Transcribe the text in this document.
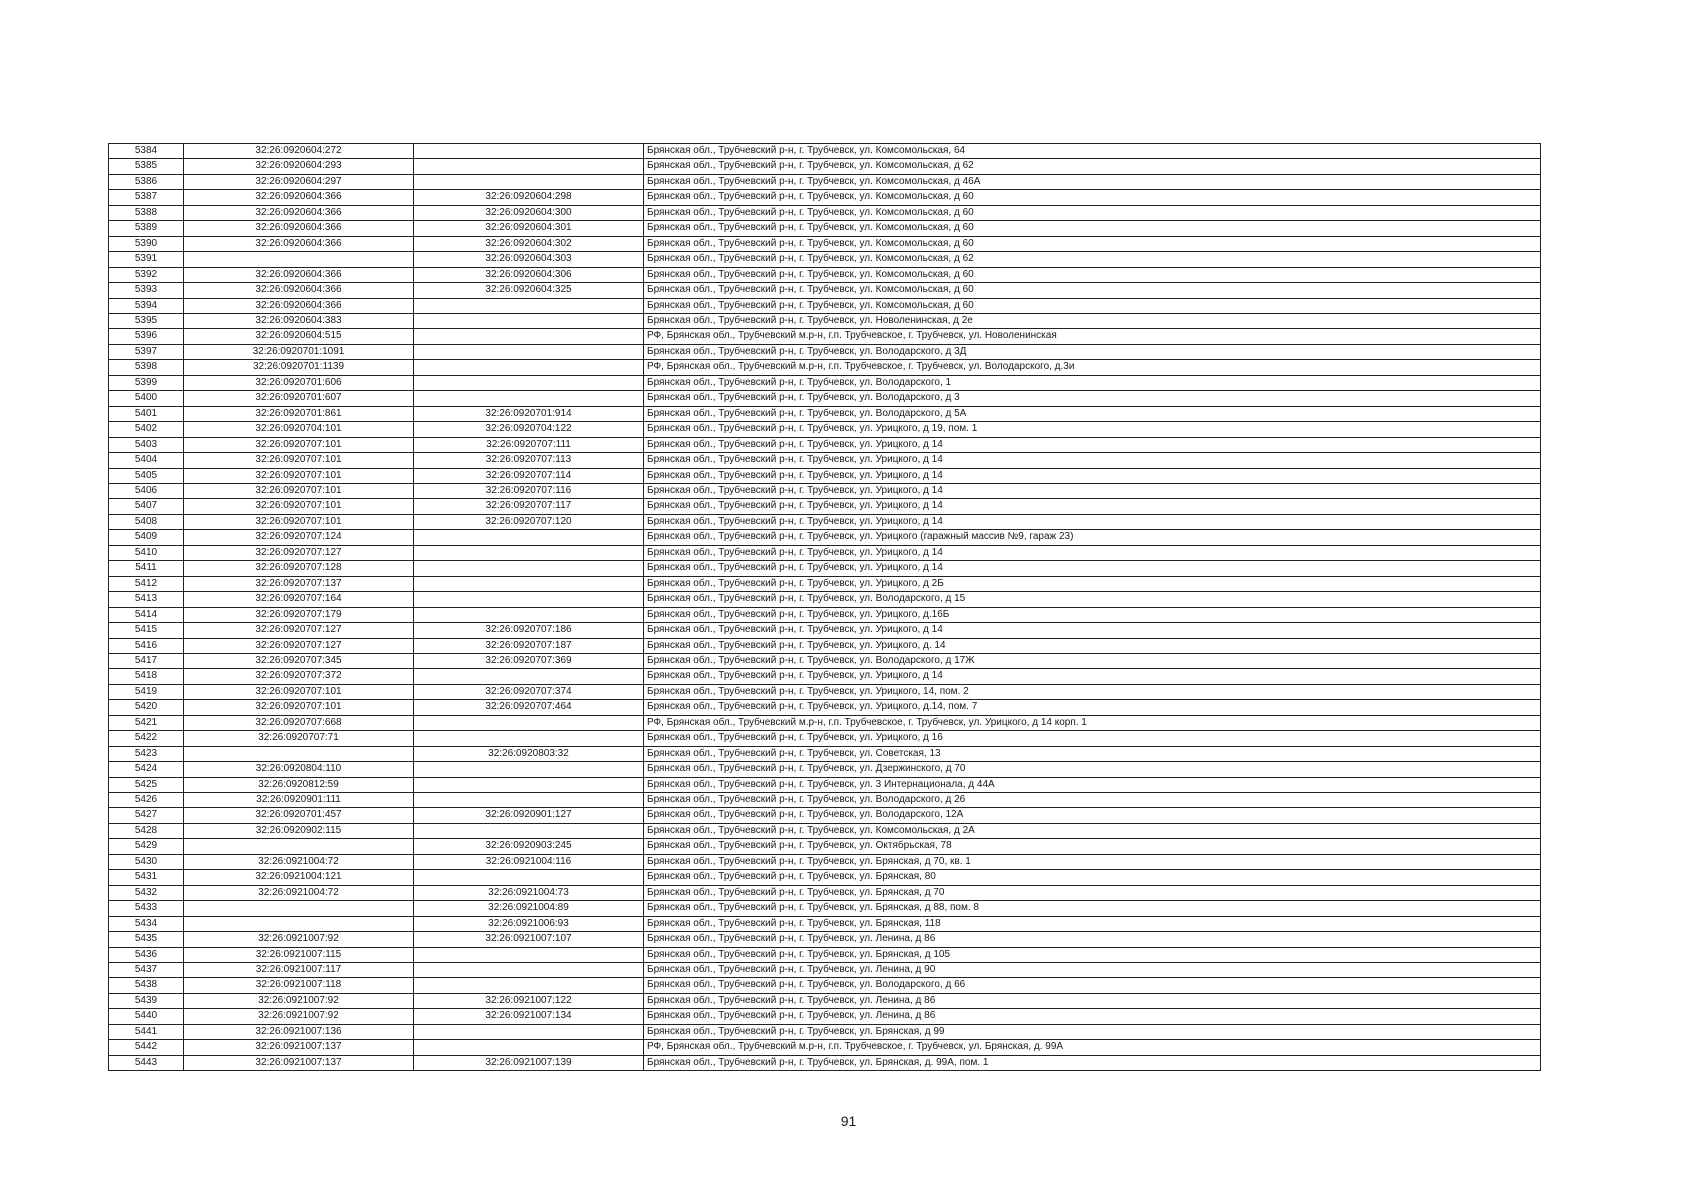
5384	32:26:0920604:272		Брянская обл., Трубчевский р-н, г. Трубчевск, ул. Комсомольская, 64
5385	32:26:0920604:293		Брянская обл., Трубчевский р-н, г. Трубчевск, ул. Комсомольская, д 62
5386	32:26:0920604:297		Брянская обл., Трубчевский р-н, г. Трубчевск, ул. Комсомольская, д 46А
5387	32:26:0920604:366	32:26:0920604:298	Брянская обл., Трубчевский р-н, г. Трубчевск, ул. Комсомольская, д 60
5388	32:26:0920604:366	32:26:0920604:300	Брянская обл., Трубчевский р-н, г. Трубчевск, ул. Комсомольская, д 60
5389	32:26:0920604:366	32:26:0920604:301	Брянская обл., Трубчевский р-н, г. Трубчевск, ул. Комсомольская, д 60
5390	32:26:0920604:366	32:26:0920604:302	Брянская обл., Трубчевский р-н, г. Трубчевск, ул. Комсомольская, д 60
5391		32:26:0920604:303	Брянская обл., Трубчевский р-н, г. Трубчевск, ул. Комсомольская, д 62
5392	32:26:0920604:366	32:26:0920604:306	Брянская обл., Трубчевский р-н, г. Трубчевск, ул. Комсомольская, д 60
5393	32:26:0920604:366	32:26:0920604:325	Брянская обл., Трубчевский р-н, г. Трубчевск, ул. Комсомольская, д 60
5394	32:26:0920604:366		Брянская обл., Трубчевский р-н, г. Трубчевск, ул. Комсомольская, д 60
5395	32:26:0920604:383		Брянская обл., Трубчевский р-н, г. Трубчевск, ул. Новоленинская, д 2е
5396	32:26:0920604:515		РФ, Брянская обл., Трубчевский м.р-н, г.п. Трубчевское, г. Трубчевск, ул. Новоленинская
5397	32:26:0920701:1091		Брянская обл., Трубчевский р-н, г. Трубчевск, ул. Володарского, д 3Д
5398	32:26:0920701:1139		РФ, Брянская обл., Трубчевский м.р-н, г.п. Трубчевское, г. Трубчевск, ул. Володарского, д.3и
5399	32:26:0920701:606		Брянская обл., Трубчевский р-н, г. Трубчевск, ул. Володарского, 1
5400	32:26:0920701:607		Брянская обл., Трубчевский р-н, г. Трубчевск, ул. Володарского, д 3
5401	32:26:0920701:861	32:26:0920701:914	Брянская обл., Трубчевский р-н, г. Трубчевск, ул. Володарского, д 5А
5402	32:26:0920704:101	32:26:0920704:122	Брянская обл., Трубчевский р-н, г. Трубчевск, ул. Урицкого, д 19, пом. 1
5403	32:26:0920707:101	32:26:0920707:111	Брянская обл., Трубчевский р-н, г. Трубчевск, ул. Урицкого, д 14
5404	32:26:0920707:101	32:26:0920707:113	Брянская обл., Трубчевский р-н, г. Трубчевск, ул. Урицкого, д 14
5405	32:26:0920707:101	32:26:0920707:114	Брянская обл., Трубчевский р-н, г. Трубчевск, ул. Урицкого, д 14
5406	32:26:0920707:101	32:26:0920707:116	Брянская обл., Трубчевский р-н, г. Трубчевск, ул. Урицкого, д 14
5407	32:26:0920707:101	32:26:0920707:117	Брянская обл., Трубчевский р-н, г. Трубчевск, ул. Урицкого, д 14
5408	32:26:0920707:101	32:26:0920707:120	Брянская обл., Трубчевский р-н, г. Трубчевск, ул. Урицкого, д 14
5409	32:26:0920707:124		Брянская обл., Трубчевский р-н, г. Трубчевск, ул. Урицкого (гаражный массив №9, гараж 23)
5410	32:26:0920707:127		Брянская обл., Трубчевский р-н, г. Трубчевск, ул. Урицкого, д 14
5411	32:26:0920707:128		Брянская обл., Трубчевский р-н, г. Трубчевск, ул. Урицкого, д 14
5412	32:26:0920707:137		Брянская обл., Трубчевский р-н, г. Трубчевск, ул. Урицкого, д 2Б
5413	32:26:0920707:164		Брянская обл., Трубчевский р-н, г. Трубчевск, ул. Володарского, д 15
5414	32:26:0920707:179		Брянская обл., Трубчевский р-н, г. Трубчевск, ул. Урицкого, д.16Б
5415	32:26:0920707:127	32:26:0920707:186	Брянская обл., Трубчевский р-н, г. Трубчевск, ул. Урицкого, д 14
5416	32:26:0920707:127	32:26:0920707:187	Брянская обл., Трубчевский р-н, г. Трубчевск, ул. Урицкого, д. 14
5417	32:26:0920707:345	32:26:0920707:369	Брянская обл., Трубчевский р-н, г. Трубчевск, ул. Володарского, д 17Ж
5418	32:26:0920707:372		Брянская обл., Трубчевский р-н, г. Трубчевск, ул. Урицкого, д 14
5419	32:26:0920707:101	32:26:0920707:374	Брянская обл., Трубчевский р-н, г. Трубчевск, ул. Урицкого, 14, пом. 2
5420	32:26:0920707:101	32:26:0920707:464	Брянская обл., Трубчевский р-н, г. Трубчевск, ул. Урицкого, д.14, пом. 7
5421	32:26:0920707:668		РФ, Брянская обл., Трубчевский м.р-н, г.п. Трубчевское, г. Трубчевск, ул. Урицкого, д 14 корп. 1
5422	32:26:0920707:71		Брянская обл., Трубчевский р-н, г. Трубчевск, ул. Урицкого, д 16
5423		32:26:0920803:32	Брянская обл., Трубчевский р-н, г. Трубчевск, ул. Советская, 13
5424	32:26:0920804:110		Брянская обл., Трубчевский р-н, г. Трубчевск, ул. Дзержинского, д 70
5425	32:26:0920812:59		Брянская обл., Трубчевский р-н, г. Трубчевск, ул. 3 Интернационала, д 44А
5426	32:26:0920901:111		Брянская обл., Трубчевский р-н, г. Трубчевск, ул. Володарского, д 26
5427	32:26:0920701:457	32:26:0920901:127	Брянская обл., Трубчевский р-н, г. Трубчевск, ул. Володарского, 12А
5428	32:26:0920902:115		Брянская обл., Трубчевский р-н, г. Трубчевск, ул. Комсомольская, д 2А
5429		32:26:0920903:245	Брянская обл., Трубчевский р-н, г. Трубчевск, ул. Октябрьская, 78
5430	32:26:0921004:72	32:26:0921004:116	Брянская обл., Трубчевский р-н, г. Трубчевск, ул. Брянская, д 70, кв. 1
5431	32:26:0921004:121		Брянская обл., Трубчевский р-н, г. Трубчевск, ул. Брянская, 80
5432	32:26:0921004:72	32:26:0921004:73	Брянская обл., Трубчевский р-н, г. Трубчевск, ул. Брянская, д 70
5433		32:26:0921004:89	Брянская обл., Трубчевский р-н, г. Трубчевск, ул. Брянская, д 88, пом. 8
5434		32:26:0921006:93	Брянская обл., Трубчевский р-н, г. Трубчевск, ул. Брянская, 118
5435	32:26:0921007:92	32:26:0921007:107	Брянская обл., Трубчевский р-н, г. Трубчевск, ул. Ленина, д 86
5436	32:26:0921007:115		Брянская обл., Трубчевский р-н, г. Трубчевск, ул. Брянская, д 105
5437	32:26:0921007:117		Брянская обл., Трубчевский р-н, г. Трубчевск, ул. Ленина, д 90
5438	32:26:0921007:118		Брянская обл., Трубчевский р-н, г. Трубчевск, ул. Володарского, д 66
5439	32:26:0921007:92	32:26:0921007:122	Брянская обл., Трубчевский р-н, г. Трубчевск, ул. Ленина, д 86
5440	32:26:0921007:92	32:26:0921007:134	Брянская обл., Трубчевский р-н, г. Трубчевск, ул. Ленина, д 86
5441	32:26:0921007:136		Брянская обл., Трубчевский р-н, г. Трубчевск, ул. Брянская, д 99
5442	32:26:0921007:137		РФ, Брянская обл., Трубчевский м.р-н, г.п. Трубчевское, г. Трубчевск, ул. Брянская, д. 99А
5443	32:26:0921007:137	32:26:0921007:139	Брянская обл., Трубчевский р-н, г. Трубчевск, ул. Брянская, д. 99А, пом. 1
91
